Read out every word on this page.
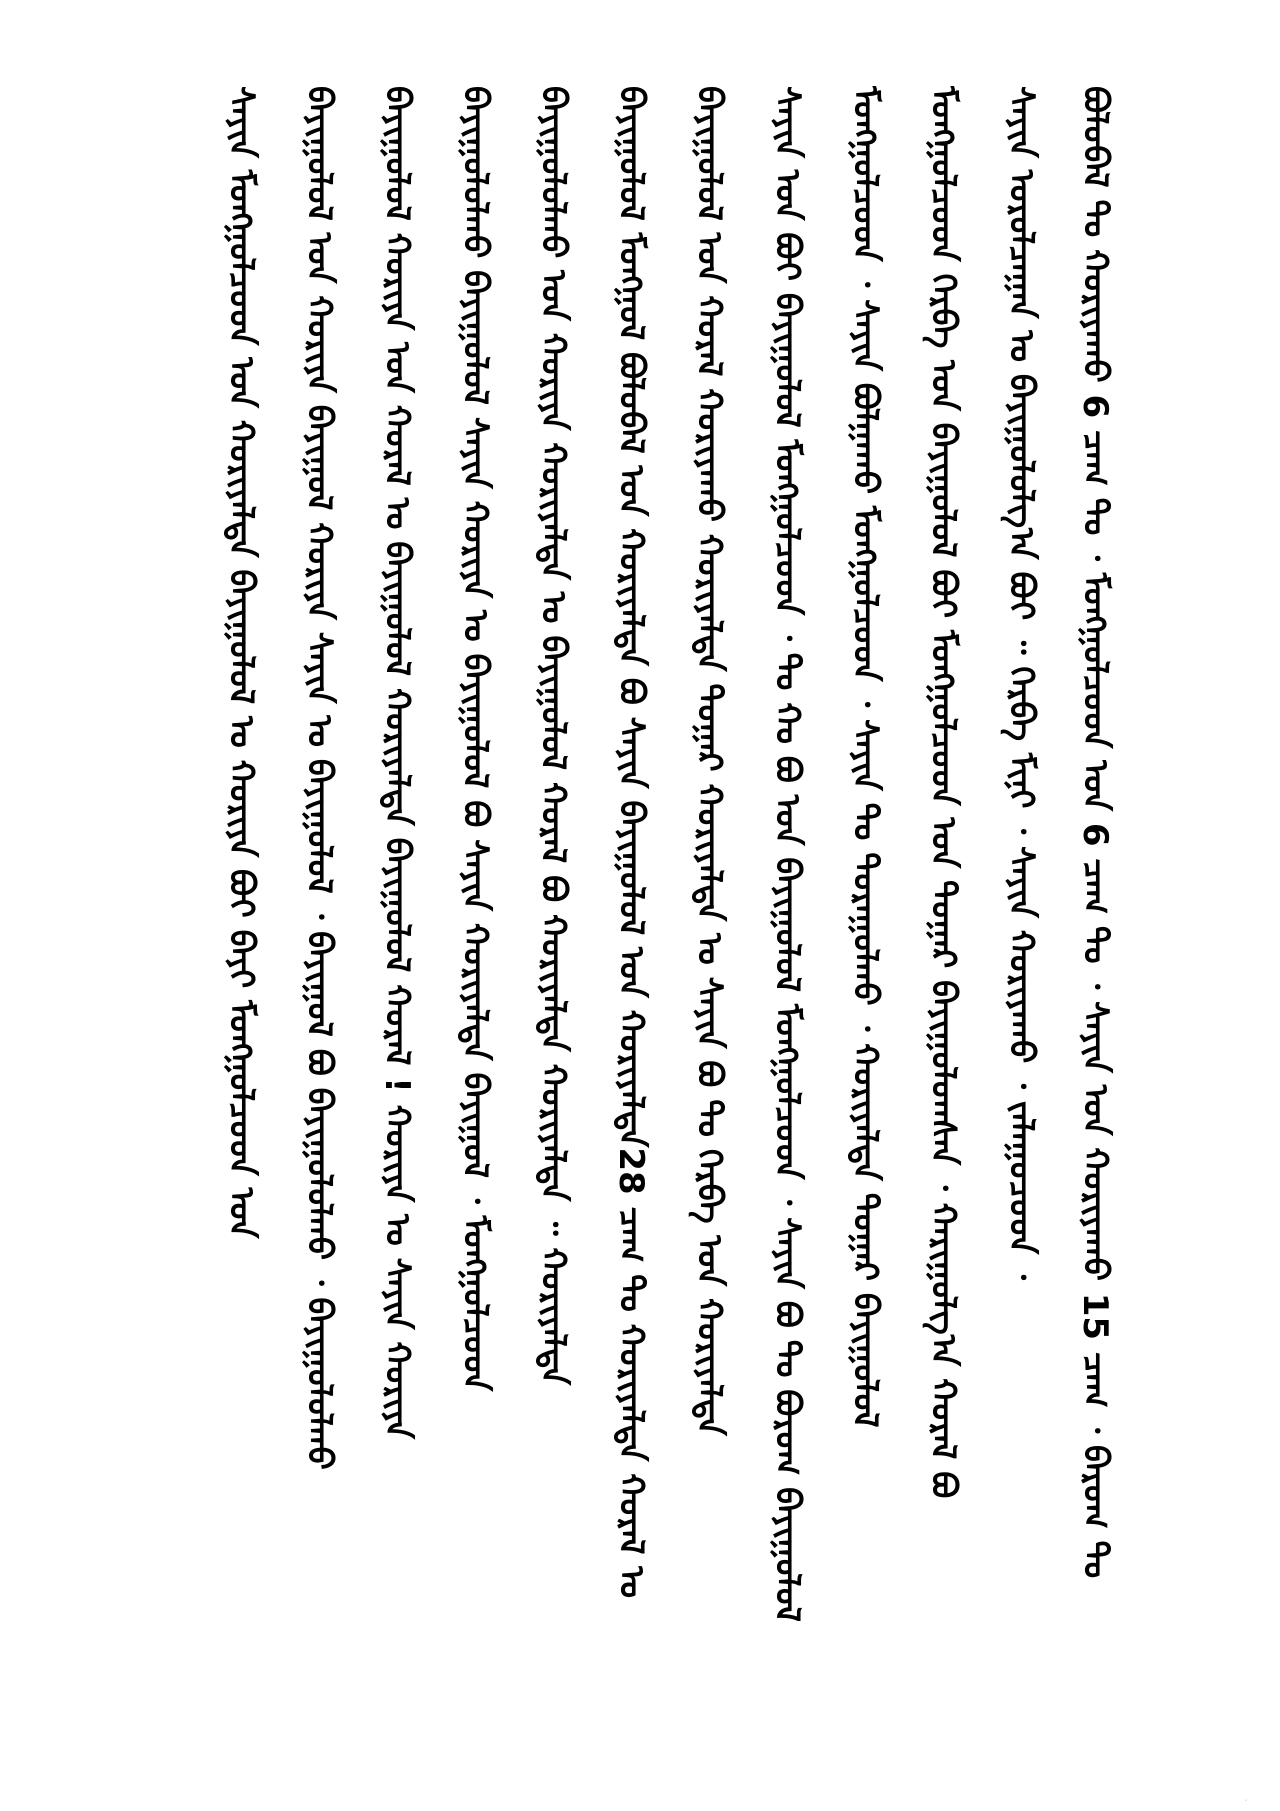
ᠰᠠᠶᠢᠨ ᠮᠣᠩᠭᠣᠯᠴᠤᠳ ᠤᠨ ᠬᠤᠷᠢᠶᠠᠯᠲᠠ ᠪᠠᠶᠢᠭᠤᠯᠤᠯ ᠤ ᠬᠤᠷᠢᠶᠠ ᠪᠤᠢ ᠪᠠᠶᠢ ᠮᠣᠩᠭᠣᠯᠴᠤᠳ ᠤᠨ ᠪᠠᠶᠢᠭᠤᠯᠤᠯ ᠤᠨ ᠬᠤᠷᠢᠶᠠ ᠪᠠᠶᠢᠭᠤᠯ ᠬᠤᠷᠢᠶᠠ ᠰᠠᠶᠢᠨ ᠤ ᠪᠠᠶᠢᠭᠤᠯᠤᠯ ᠂ ᠪᠠᠶᠢᠭᠤᠯ ᠪᠤ ᠪᠠᠶᠢᠭᠤᠯᠤᠯᠬᠤ ᠂ ᠪᠠᠶᠢᠭᠤᠯᠤᠯᠬᠤ ᠪᠠᠶᠢᠭᠤᠯᠤᠯ ᠬᠤᠷᠢᠶᠠ ᠤᠨ ᠬᠤᠷᠠᠯ ᠤ ᠪᠠᠶᠢᠭᠤᠯᠤᠯ ᠬᠤᠷᠢᠶᠠᠯᠲᠠ ᠪᠠᠶᠢᠭᠤᠯᠤᠯ ᠬᠤᠷᠠᠯ ! ᠬᠤᠷᠢᠶᠠ ᠤ ᠰᠠᠶᠢᠨ ᠬᠤᠷᠢᠶᠠ ᠪᠠᠶᠢᠭᠤᠯᠤᠯᠬᠤ ᠪᠠᠶᠢᠭᠤᠯᠤᠯ ᠰᠠᠶᠢᠨ ᠬᠤᠷᠢᠶᠠ ᠤ ᠪᠠᠶᠢᠭᠤᠯᠤᠯ ᠪᠤ ᠰᠠᠶᠢᠨ ᠬᠤᠷᠢᠶᠠᠯᠲᠠ ᠪᠠᠶᠢᠭᠤᠯ ᠂ ᠮᠣᠩᠭᠣᠯᠴᠤᠳ ᠪᠠᠶᠢᠭᠤᠯᠤᠯᠬᠤ ᠤᠨ ᠬᠤᠷᠢᠶᠠ ᠬᠤᠷᠢᠶᠠᠯᠲᠠ ᠤ ᠪᠠᠶᠢᠭᠤᠯᠤᠯ ᠬᠤᠷᠠᠯ ᠪᠤ ᠬᠤᠷᠢᠶᠠᠯᠲᠠ ᠬᠤᠷᠢᠶᠠᠯᠲᠠ ᠃ ᠬᠤᠷᠢᠶᠠᠯᠲᠠ ᠪᠠᠶᠢᠭᠤᠯᠤᠯ ᠮᠣᠩᠭᠣᠯ ᠪᠣᠯᠣᠪᠠᠯ ᠤᠨ ᠬᠤᠷᠢᠶᠠᠯᠲᠠ ᠪᠤ ᠰᠠᠶᠢᠨ ᠪᠠᠶᠢᠭᠤᠯᠤᠯ ᠤᠨ ᠬᠤᠷᠢᠶᠠᠯᠲᠠ28 ᠴᠠᠭ ᠲᠤ ᠬᠤᠷᠢᠶᠠᠯᠲᠠ ᠬᠤᠷᠠᠯ ᠤ ᠪᠠᠶᠢᠭᠤᠯᠤᠯ ᠤᠨ ᠬᠤᠷᠠᠯ ᠬᠤᠷᠢᠶᠠᠬᠤ ᠬᠤᠷᠢᠶᠠᠯᠲᠠ ᠳᠤᠭᠠᠷ ᠬᠤᠷᠢᠶᠠᠯᠲᠠ ᠤ ᠰᠠᠶᠢᠨ ᠪᠤ ᠲᠤ ᠬᠡᠷᠪᠡ ᠤᠨ ᠬᠤᠷᠢᠶᠠᠯᠲᠠ ᠰᠠᠶᠢᠨ ᠤᠨ ᠪᠤᠢ ᠪᠠᠶᠢᠭᠤᠯᠤᠯ ᠮᠣᠩᠭᠣᠯᠴᠤᠳ ᠂ ᠲᠤ ᠬᠤ ᠪᠤ ᠤᠨ ᠪᠠᠶᠢᠭᠤᠯᠤᠯ ᠮᠣᠩᠭᠣᠯᠴᠤᠳ ᠂ ᠰᠠᠶᠢᠨ ᠪᠤ ᠲᠤ ᠪᠤᠷᠤᠭ ᠪᠠᠶᠢᠭᠤᠯᠤᠯ ᠮᠣᠩᠭᠣᠯᠴᠤᠳ ᠂ ᠰᠠᠶᠢᠨ ᠪᠣᠯᠭᠠᠬᠤ ᠮᠣᠩᠭᠣᠯᠴᠤᠳ ᠂ ᠰᠠᠶᠢᠨ ᠲᠤ ᠳᠤᠷᠠᠭᠤᠯᠬᠤ ᠂ ᠬᠤᠷᠢᠶᠠᠯᠲᠠ ᠳᠤᠭᠠᠷ ᠪᠠᠶᠢᠭᠤᠯᠤᠯ ᠮᠣᠩᠭᠣᠯᠴᠤᠳ ᠬᠡᠷᠪᠡ ᠤᠨ ᠪᠠᠶᠢᠭᠤᠯᠤᠯ ᠪᠤᠢ ᠮᠣᠩᠭᠣᠯᠴᠤᠳ ᠤᠨ ᠳᠤᠭᠠᠷ ᠪᠠᠶᠢᠭᠤᠯᠤᠭᠰᠠᠨ ᠂ ᠬᠠᠷᠢᠭᠤᠯᠭ᠎ᠠ ᠬᠤᠷᠠᠯ ᠪᠤ ᠰᠠᠶᠢᠨ ᠤᠷᠤᠯᠴᠠᠭᠠᠨ ᠤ ᠪᠠᠶᠢᠭᠤᠯᠤᠯᠭ᠎ᠠ ᠪᠤᠢ ᠃ ᠬᠡᠷᠪᠡ ᠮᠢᠨᠢ ᠂ ᠰᠠᠶᠢᠨ ᠬᠤᠷᠢᠶᠠᠬᠤ ᠂ ᠵᠠᠯᠠᠭᠤᠴᠤᠳ ᠂ ᠪᠣᠯᠣᠪᠠᠯ ᠲᠤ ᠬᠤᠷᠢᠶᠠᠬᠤ 6 ᠴᠠᠭ ᠲᠤ ᠂ ᠮᠣᠩᠭᠣᠯᠴᠤᠳ ᠤᠨ 6 ᠴᠠᠭ ᠲᠤ ᠂ ᠰᠠᠶᠢᠨ ᠤᠨ ᠬᠤᠷᠢᠶᠠᠬᠤ 15 ᠴᠠᠭ ᠂ ᠪᠠᠷᠤᠭ ᠲᠤ
˙
